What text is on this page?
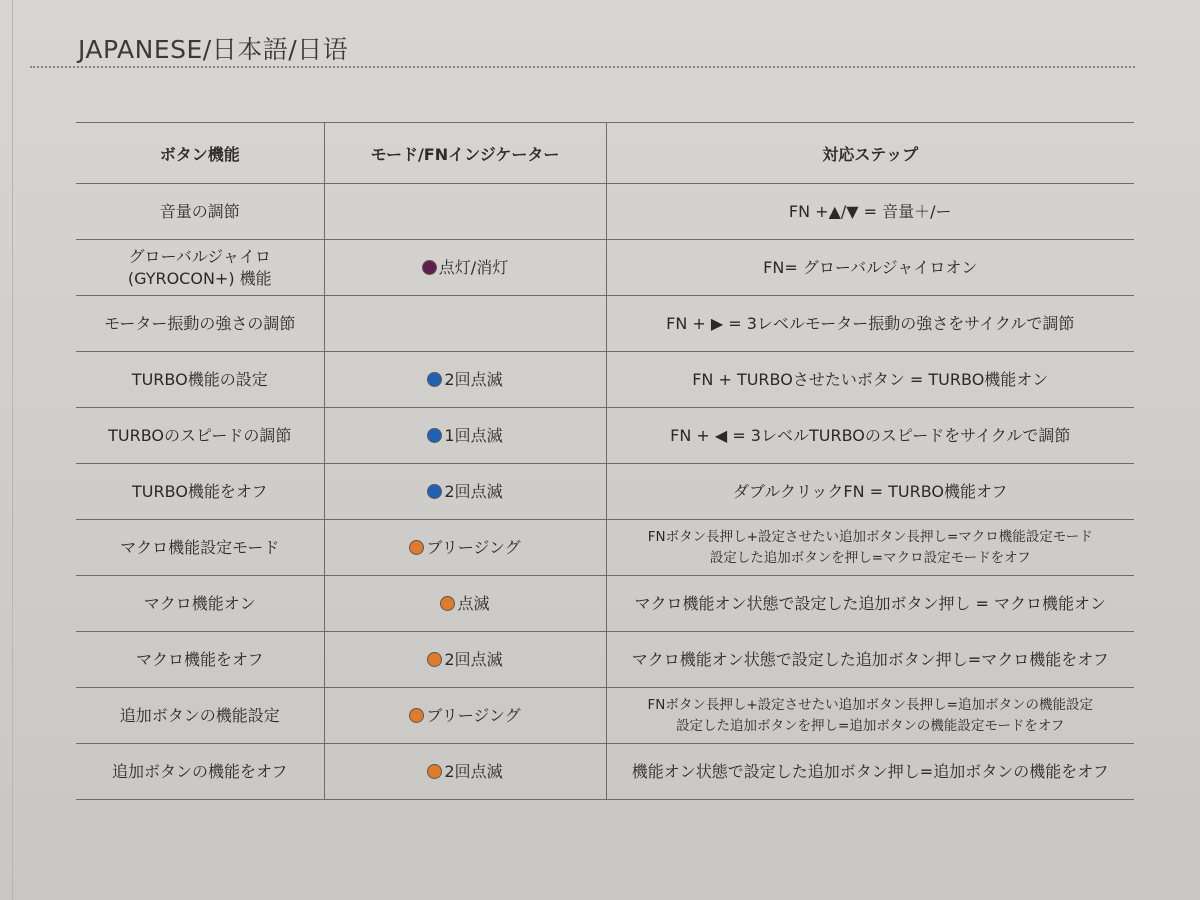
JAPANESE/日本語/日语
ボタン機能	モード/FNインジケーター	対応ステップ

音量の調節		FN +▲/▼ = 音量＋/ー

グローバルジャイロ
(GYROCON+) 機能	点灯/消灯	FN= グローバルジャイロオン

モーター振動の強さの調節		FN + ▶ = 3レベルモーター振動の強さをサイクルで調節

TURBO機能の設定	2回点滅	FN + TURBOさせたいボタン = TURBO機能オン

TURBOのスピードの調節	1回点滅	FN + ◀ = 3レベルTURBOのスピードをサイクルで調節

TURBO機能をオフ	2回点滅	ダブルクリックFN = TURBO機能オフ

マクロ機能設定モード	ブリージング	FNボタン長押し+設定させたい追加ボタン長押し=マクロ機能設定モード
設定した追加ボタンを押し=マクロ設定モードをオフ

マクロ機能オン	点滅	マクロ機能オン状態で設定した追加ボタン押し = マクロ機能オン

マクロ機能をオフ	2回点滅	マクロ機能オン状態で設定した追加ボタン押し=マクロ機能をオフ

追加ボタンの機能設定	ブリージング	FNボタン長押し+設定させたい追加ボタン長押し=追加ボタンの機能設定
設定した追加ボタンを押し=追加ボタンの機能設定モードをオフ

追加ボタンの機能をオフ	2回点滅	機能オン状態で設定した追加ボタン押し=追加ボタンの機能をオフ
